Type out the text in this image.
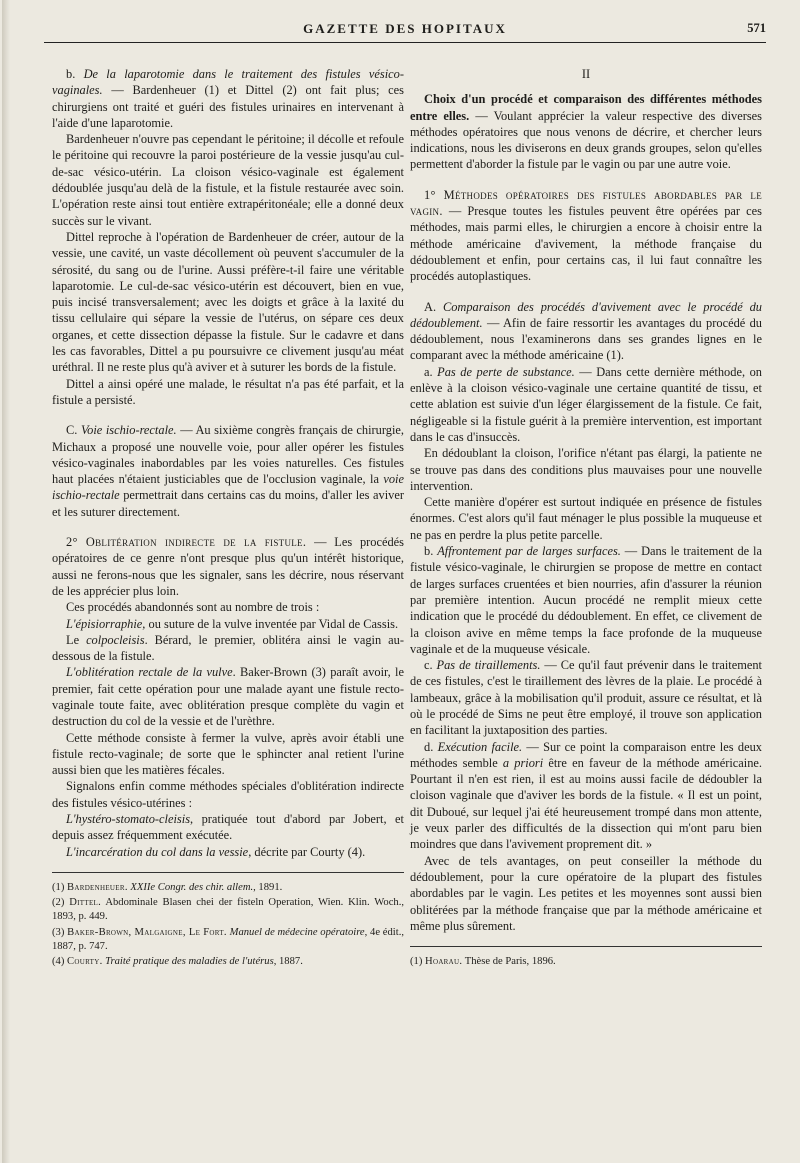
GAZETTE DES HOPITAUX	571

b. De la laparotomie dans le traitement des fistules vésico-vaginales. — Bardenheuer (1) et Dittel (2) ont fait plus; ces chirurgiens ont traité et guéri des fistules urinaires en intervenant à l'aide d'une laparotomie.

Bardenheuer n'ouvre pas cependant le péritoine; il décolle et refoule le péritoine qui recouvre la paroi postérieure de la vessie jusqu'au cul-de-sac vésico-utérin. La cloison vésico-vaginale est également dédoublée jusqu'au delà de la fistule, et la fistule restaurée avec soin. L'opération reste ainsi tout entière extrapéritonéale; elle a donné deux succès sur le vivant.

Dittel reproche à l'opération de Bardenheuer de créer, autour de la vessie, une cavité, un vaste décollement où peuvent s'accumuler de la sérosité, du sang ou de l'urine. Aussi préfère-t-il faire une véritable laparotomie. Le cul-de-sac vésico-utérin est découvert, bien en vue, puis incisé transversalement; avec les doigts et grâce à la laxité du tissu cellulaire qui sépare la vessie de l'utérus, on sépare ces deux organes, et cette dissection dépasse la fistule. Sur le cadavre et dans les cas favorables, Dittel a pu poursuivre ce clivement jusqu'au méat uréthral. Il ne reste plus qu'à aviver et à suturer les bords de la fistule.

Dittel a ainsi opéré une malade, le résultat n'a pas été parfait, et la fistule a persisté.

C. Voie ischio-rectale. — Au sixième congrès français de chirurgie, Michaux a proposé une nouvelle voie, pour aller opérer les fistules vésico-vaginales inabordables par les voies naturelles. Ces fistules haut placées n'étaient justiciables que de l'occlusion vaginale, la voie ischio-rectale permettrait dans certains cas du moins, d'aller les aviver et les suturer directement.

2° Oblitération indirecte de la fistule. — Les procédés opératoires de ce genre n'ont presque plus qu'un intérêt historique, aussi ne ferons-nous que les signaler, sans les décrire, nous réservant de les apprécier plus loin.

Ces procédés abandonnés sont au nombre de trois :

L'épisiorraphie, ou suture de la vulve inventée par Vidal de Cassis.

Le colpocleisis. Bérard, le premier, oblitéra ainsi le vagin au-dessous de la fistule.

L'oblitération rectale de la vulve. Baker-Brown (3) paraît avoir, le premier, fait cette opération pour une malade ayant une fistule recto-vaginale toute faite, avec oblitération presque complète du vagin et destruction du col de la vessie et de l'urèthre.

Cette méthode consiste à fermer la vulve, après avoir établi une fistule recto-vaginale; de sorte que le sphincter anal retient l'urine aussi bien que les matières fécales.

Signalons enfin comme méthodes spéciales d'oblitération indirecte des fistules vésico-utérines :

L'hystéro-stomato-cleisis, pratiquée tout d'abord par Jobert, et depuis assez fréquemment exécutée.

L'incarcération du col dans la vessie, décrite par Courty (4).

(1) Bardenheuer. XXIIe Congr. des chir. allem., 1891.

(2) Dittel. Abdominale Blasen chei der fisteln Operation, Wien. Klin. Woch., 1893, p. 449.

(3) Baker-Brown, Malgaigne, Le Fort. Manuel de médecine opératoire, 4e édit., 1887, p. 747.

(4) Courty. Traité pratique des maladies de l'utérus, 1887.

II

Choix d'un procédé et comparaison des différentes méthodes entre elles. — Voulant apprécier la valeur respective des diverses méthodes opératoires que nous venons de décrire, et chercher leurs indications, nous les diviserons en deux grands groupes, selon qu'elles permettent d'aborder la fistule par le vagin ou par une autre voie.

1° Méthodes opératoires des fistules abordables par le vagin. — Presque toutes les fistules peuvent être opérées par ces méthodes, mais parmi elles, le chirurgien a encore à choisir entre la méthode américaine d'avivement, la méthode française du dédoublement et enfin, pour certains cas, il lui faut connaître les procédés autoplastiques.

A. Comparaison des procédés d'avivement avec le procédé du dédoublement. — Afin de faire ressortir les avantages du procédé du dédoublement, nous l'examinerons dans ses grandes lignes en le comparant avec la méthode américaine (1).

a. Pas de perte de substance. — Dans cette dernière méthode, on enlève à la cloison vésico-vaginale une certaine quantité de tissu, et cette ablation est suivie d'un léger élargissement de la fistule. Ce fait, négligeable si la fistule guérit à la première intervention, est important dans le cas d'insuccès.

En dédoublant la cloison, l'orifice n'étant pas élargi, la patiente ne se trouve pas dans des conditions plus mauvaises pour une nouvelle intervention.

Cette manière d'opérer est surtout indiquée en présence de fistules énormes. C'est alors qu'il faut ménager le plus possible la muqueuse et ne pas en perdre la plus petite parcelle.

b. Affrontement par de larges surfaces. — Dans le traitement de la fistule vésico-vaginale, le chirurgien se propose de mettre en contact de larges surfaces cruentées et bien nourries, afin d'assurer la réunion par première intention. Aucun procédé ne remplit mieux cette indication que le procédé du dédoublement. En effet, ce clivement de la cloison avive en même temps la face profonde de la muqueuse vaginale et de la muqueuse vésicale.

c. Pas de tiraillements. — Ce qu'il faut prévenir dans le traitement de ces fistules, c'est le tiraillement des lèvres de la plaie. Le procédé à lambeaux, grâce à la mobilisation qu'il produit, assure ce résultat, et là où le procédé de Sims ne peut être employé, il trouve son application en facilitant la juxtaposition des parties.

d. Exécution facile. — Sur ce point la comparaison entre les deux méthodes semble a priori être en faveur de la méthode américaine. Pourtant il n'en est rien, il est au moins aussi facile de dédoubler la cloison vaginale que d'aviver les bords de la fistule. « Il est un point, dit Duboué, sur lequel j'ai été heureusement trompé dans mon attente, je veux parler des difficultés de la dissection qui m'ont paru bien moindres que dans l'avivement proprement dit. »

Avec de tels avantages, on peut conseiller la méthode du dédoublement, pour la cure opératoire de la plupart des fistules abordables par le vagin. Les petites et les moyennes sont aussi bien oblitérées par la méthode française que par la méthode américaine et même plus sûrement.

(1) Hoarau. Thèse de Paris, 1896.
